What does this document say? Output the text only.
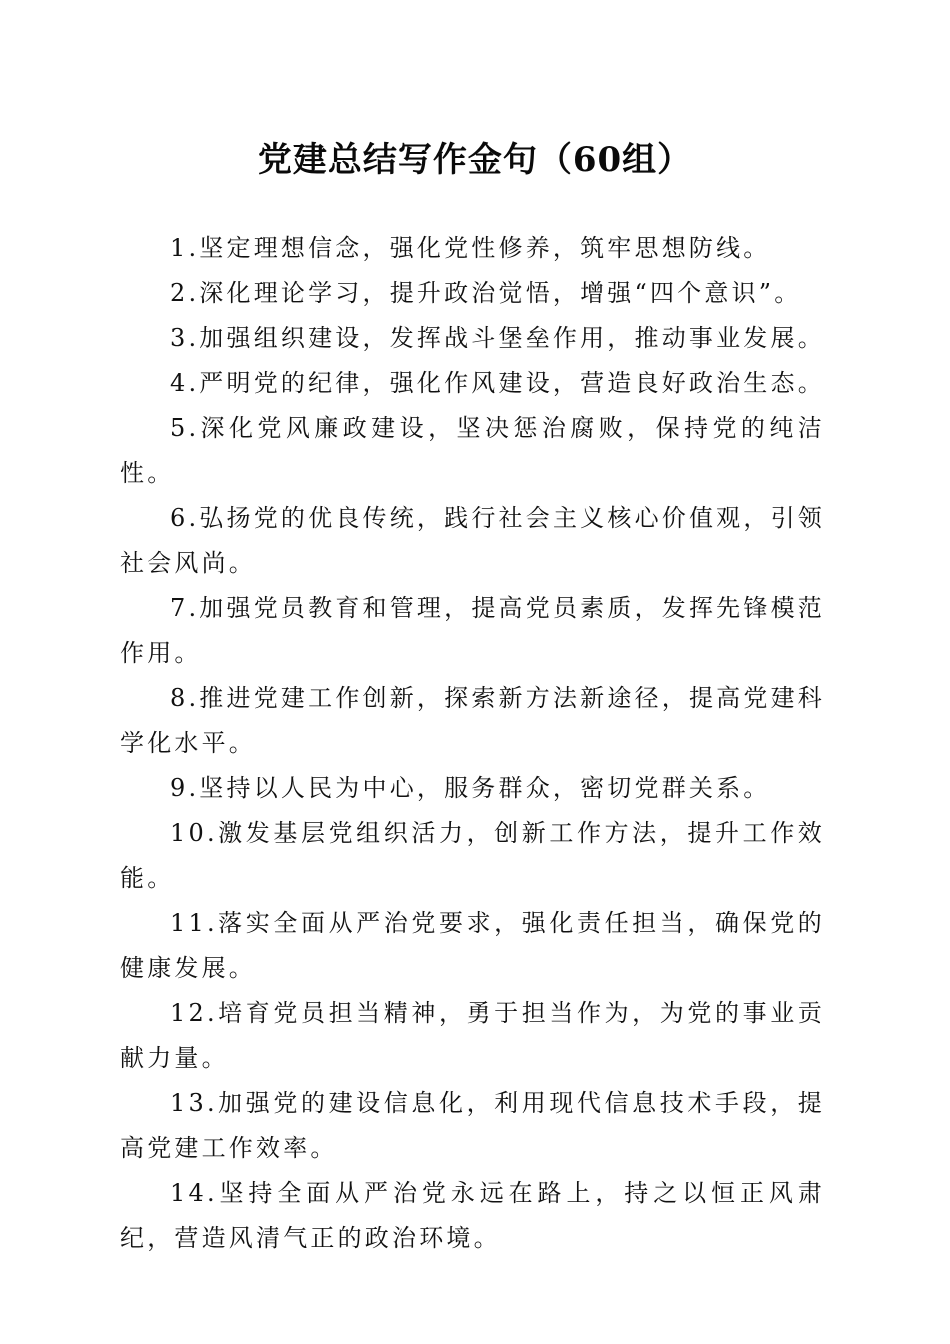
党建总结写作金句（60组）

1.坚定理想信念，强化党性修养，筑牢思想防线。

2.深化理论学习，提升政治觉悟，增强“四个意识”。

3.加强组织建设，发挥战斗堡垒作用，推动事业发展。

4.严明党的纪律，强化作风建设，营造良好政治生态。

5.深化党风廉政建设，坚决惩治腐败，保持党的纯洁性。

6.弘扬党的优良传统，践行社会主义核心价值观，引领社会风尚。

7.加强党员教育和管理，提高党员素质，发挥先锋模范作用。

8.推进党建工作创新，探索新方法新途径，提高党建科学化水平。

9.坚持以人民为中心，服务群众，密切党群关系。

10.激发基层党组织活力，创新工作方法，提升工作效能。

11.落实全面从严治党要求，强化责任担当，确保党的健康发展。

12.培育党员担当精神，勇于担当作为，为党的事业贡献力量。

13.加强党的建设信息化，利用现代信息技术手段，提高党建工作效率。

14.坚持全面从严治党永远在路上，持之以恒正风肃纪，营造风清气正的政治环境。
